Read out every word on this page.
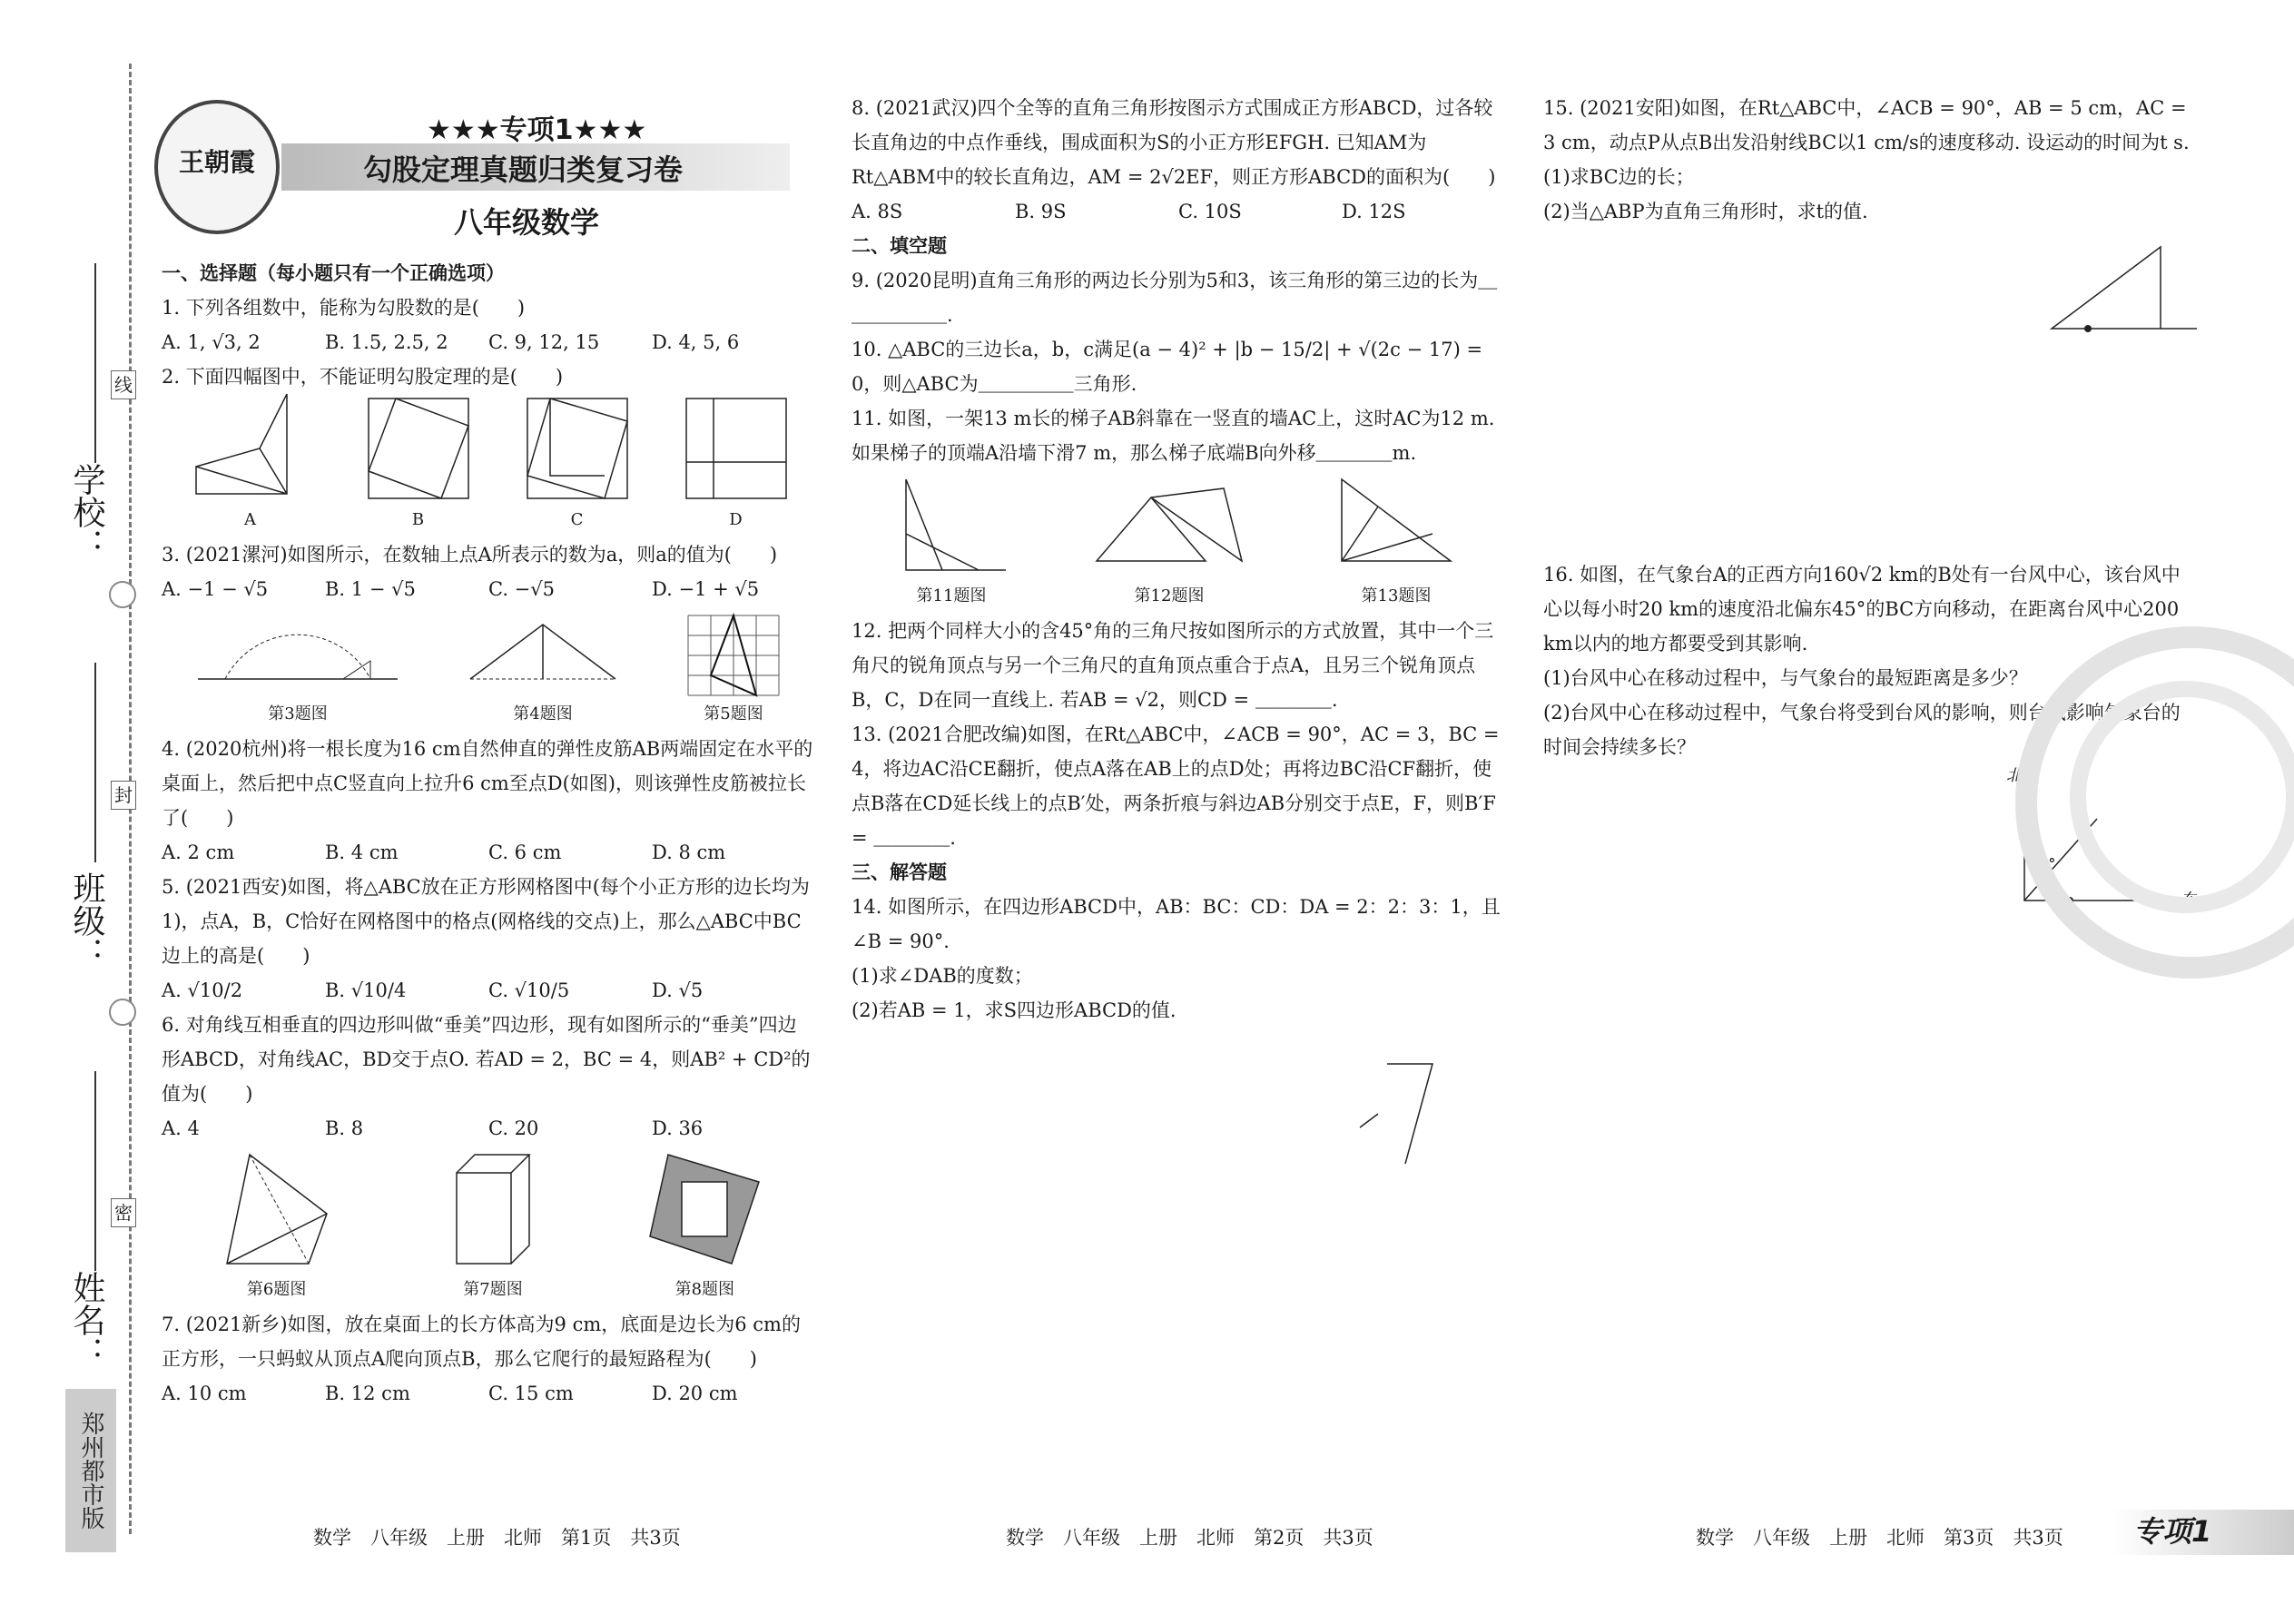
学校：
班级：
姓名：
线
封
密
郑州都市版
王朝霞
★★★专项1★★★
勾股定理真题归类复习卷
八年级数学

一、选择题（每小题只有一个正确选项）

1. 下列各组数中，能称为勾股数的是(　　)

A. 1, √3, 2	B. 1.5, 2.5, 2	C. 9, 12, 15	D. 4, 5, 6

2. 下面四幅图中，不能证明勾股定理的是(　　)

A	B	C	D

3. (2021漯河)如图所示，在数轴上点A所表示的数为a，则a的值为(　　)

A. −1 − √5	B. 1 − √5	C. −√5	D. −1 + √5
第3题图	第4题图	第5题图

4. (2020杭州)将一根长度为16 cm自然伸直的弹性皮筋AB两端固定在水平的桌面上，然后把中点C竖直向上拉升6 cm至点D(如图)，则该弹性皮筋被拉长了(　　)

A. 2 cm	B. 4 cm	C. 6 cm	D. 8 cm

5. (2021西安)如图，将△ABC放在正方形网格图中(每个小正方形的边长均为1)，点A，B，C恰好在网格图中的格点(网格线的交点)上，那么△ABC中BC边上的高是(　　)

A. √10/2	B. √10/4	C. √10/5	D. √5

6. 对角线互相垂直的四边形叫做“垂美”四边形，现有如图所示的“垂美”四边形ABCD，对角线AC，BD交于点O. 若AD = 2，BC = 4，则AB² + CD²的值为(　　)

A. 4	B. 8	C. 20	D. 36
第6题图	第7题图	第8题图

7. (2021新乡)如图，放在桌面上的长方体高为9 cm，底面是边长为6 cm的正方形，一只蚂蚁从顶点A爬向顶点B，那么它爬行的最短路程为(　　)

A. 10 cm	B. 12 cm	C. 15 cm	D. 20 cm

8. (2021武汉)四个全等的直角三角形按图示方式围成正方形ABCD，过各较长直角边的中点作垂线，围成面积为S的小正方形EFGH. 已知AM为Rt△ABM中的较长直角边，AM = 2√2EF，则正方形ABCD的面积为(　　)

A. 8S	B. 9S	C. 10S	D. 12S

二、填空题

9. (2020昆明)直角三角形的两边长分别为5和3，该三角形的第三边的长为＿＿＿＿＿＿.

10. △ABC的三边长a，b，c满足(a − 4)² + |b − 15/2| + √(2c − 17) = 0，则△ABC为＿＿＿＿＿三角形.

11. 如图，一架13 m长的梯子AB斜靠在一竖直的墙AC上，这时AC为12 m. 如果梯子的顶端A沿墙下滑7 m，那么梯子底端B向外移＿＿＿＿m.

第11题图	第12题图	第13题图

12. 把两个同样大小的含45°角的三角尺按如图所示的方式放置，其中一个三角尺的锐角顶点与另一个三角尺的直角顶点重合于点A，且另三个锐角顶点B，C，D在同一直线上. 若AB = √2，则CD = ＿＿＿＿.

13. (2021合肥改编)如图，在Rt△ABC中，∠ACB = 90°，AC = 3，BC = 4，将边AC沿CE翻折，使点A落在AB上的点D处；再将边BC沿CF翻折，使点B落在CD延长线上的点B′处，两条折痕与斜边AB分别交于点E，F，则B′F = ＿＿＿＿.

三、解答题

14. 如图所示，在四边形ABCD中，AB：BC：CD：DA = 2：2：3：1，且∠B = 90°.

(1)求∠DAB的度数；

(2)若AB = 1，求S四边形ABCD的值.

15. (2021安阳)如图，在Rt△ABC中，∠ACB = 90°，AB = 5 cm，AC = 3 cm，动点P从点B出发沿射线BC以1 cm/s的速度移动. 设运动的时间为t s.

(1)求BC边的长；

(2)当△ABP为直角三角形时，求t的值.

16. 如图，在气象台A的正西方向160√2 km的B处有一台风中心，该台风中心以每小时20 km的速度沿北偏东45°的BC方向移动，在距离台风中心200 km以内的地方都要受到其影响.

(1)台风中心在移动过程中，与气象台的最短距离是多少？

(2)台风中心在移动过程中，气象台将受到台风的影响，则台风影响气象台的时间会持续多长？

北
东
45°
数学　八年级　上册　北师　第1页　共3页	数学　八年级　上册　北师　第2页　共3页	数学　八年级　上册　北师　第3页　共3页 专项1
